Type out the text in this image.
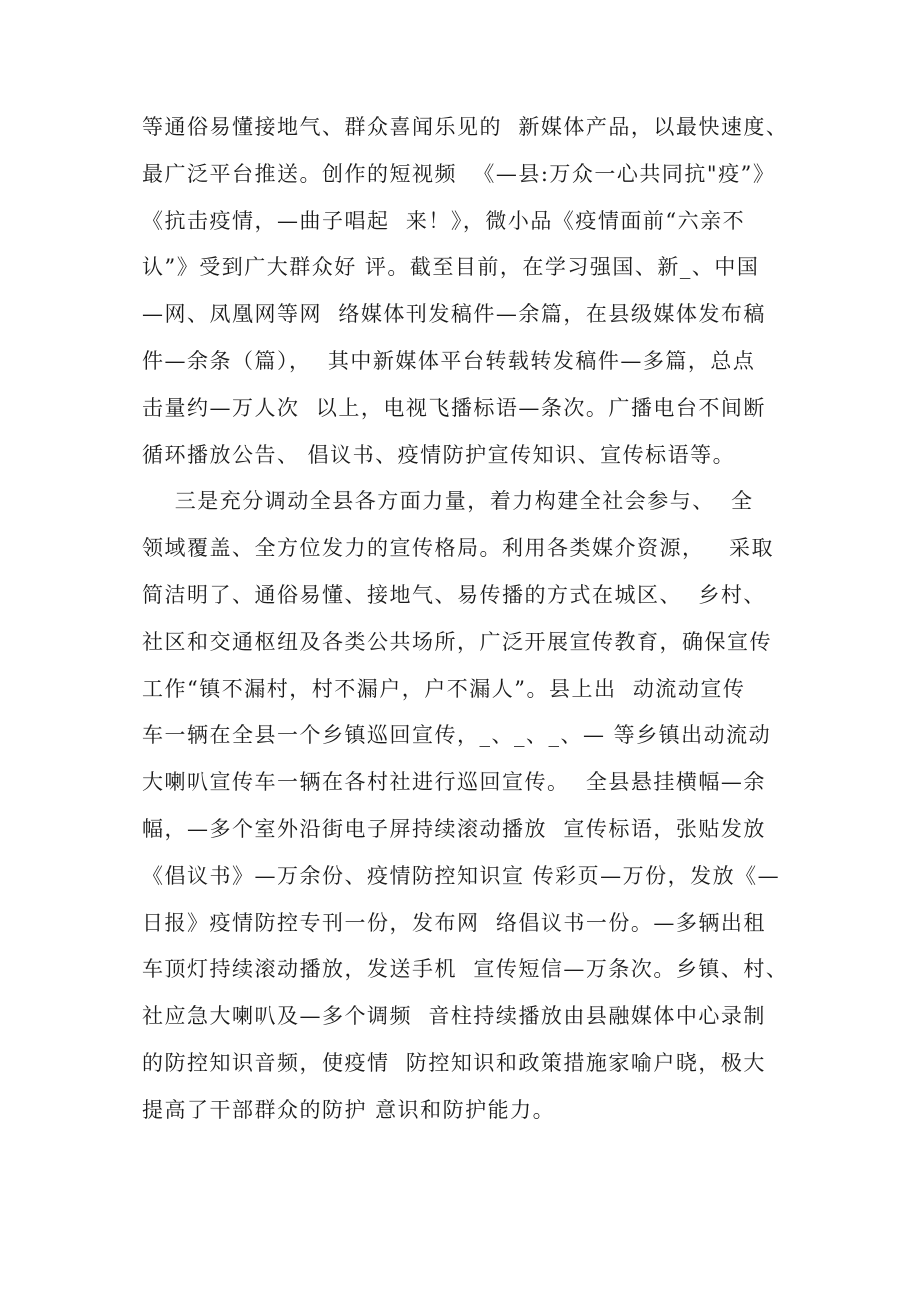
等通俗易懂接地气、群众喜闻乐见的  新媒体产品，以最快速度、
最广泛平台推送。创作的短视频  《—县:万众一心共同抗"疫”》
《抗击疫情，—曲子唱起  来！》，微小品《疫情面前“六亲不
认”》受到广大群众好 评。截至目前，在学习强国、新_、中国
—网、凤凰网等网  络媒体刊发稿件—余篇，在县级媒体发布稿
件—余条（篇），  其中新媒体平台转载转发稿件—多篇，总点
击量约—万人次  以上，电视飞播标语—条次。广播电台不间断
循环播放公告、 倡议书、疫情防护宣传知识、宣传标语等。
三是充分调动全县各方面力量，着力构建全社会参与、  全
领域覆盖、全方位发力的宣传格局。利用各类媒介资源，   采取
简洁明了、通俗易懂、接地气、易传播的方式在城区、  乡村、
社区和交通枢纽及各类公共场所，广泛开展宣传教育，确保宣传
工作“镇不漏村，村不漏户，户不漏人”。县上出  动流动宣传
车一辆在全县一个乡镇巡回宣传，_、_、_、— 等乡镇出动流动
大喇叭宣传车一辆在各村社进行巡回宣传。  全县悬挂横幅—余
幅，—多个室外沿街电子屏持续滚动播放  宣传标语，张贴发放
《倡议书》—万余份、疫情防控知识宣 传彩页—万份，发放《—
日报》疫情防控专刊一份，发布网  络倡议书一份。—多辆出租
车顶灯持续滚动播放，发送手机  宣传短信—万条次。乡镇、村、
社应急大喇叭及—多个调频  音柱持续播放由县融媒体中心录制
的防控知识音频，使疫情  防控知识和政策措施家喻户晓，极大
提高了干部群众的防护 意识和防护能力。
